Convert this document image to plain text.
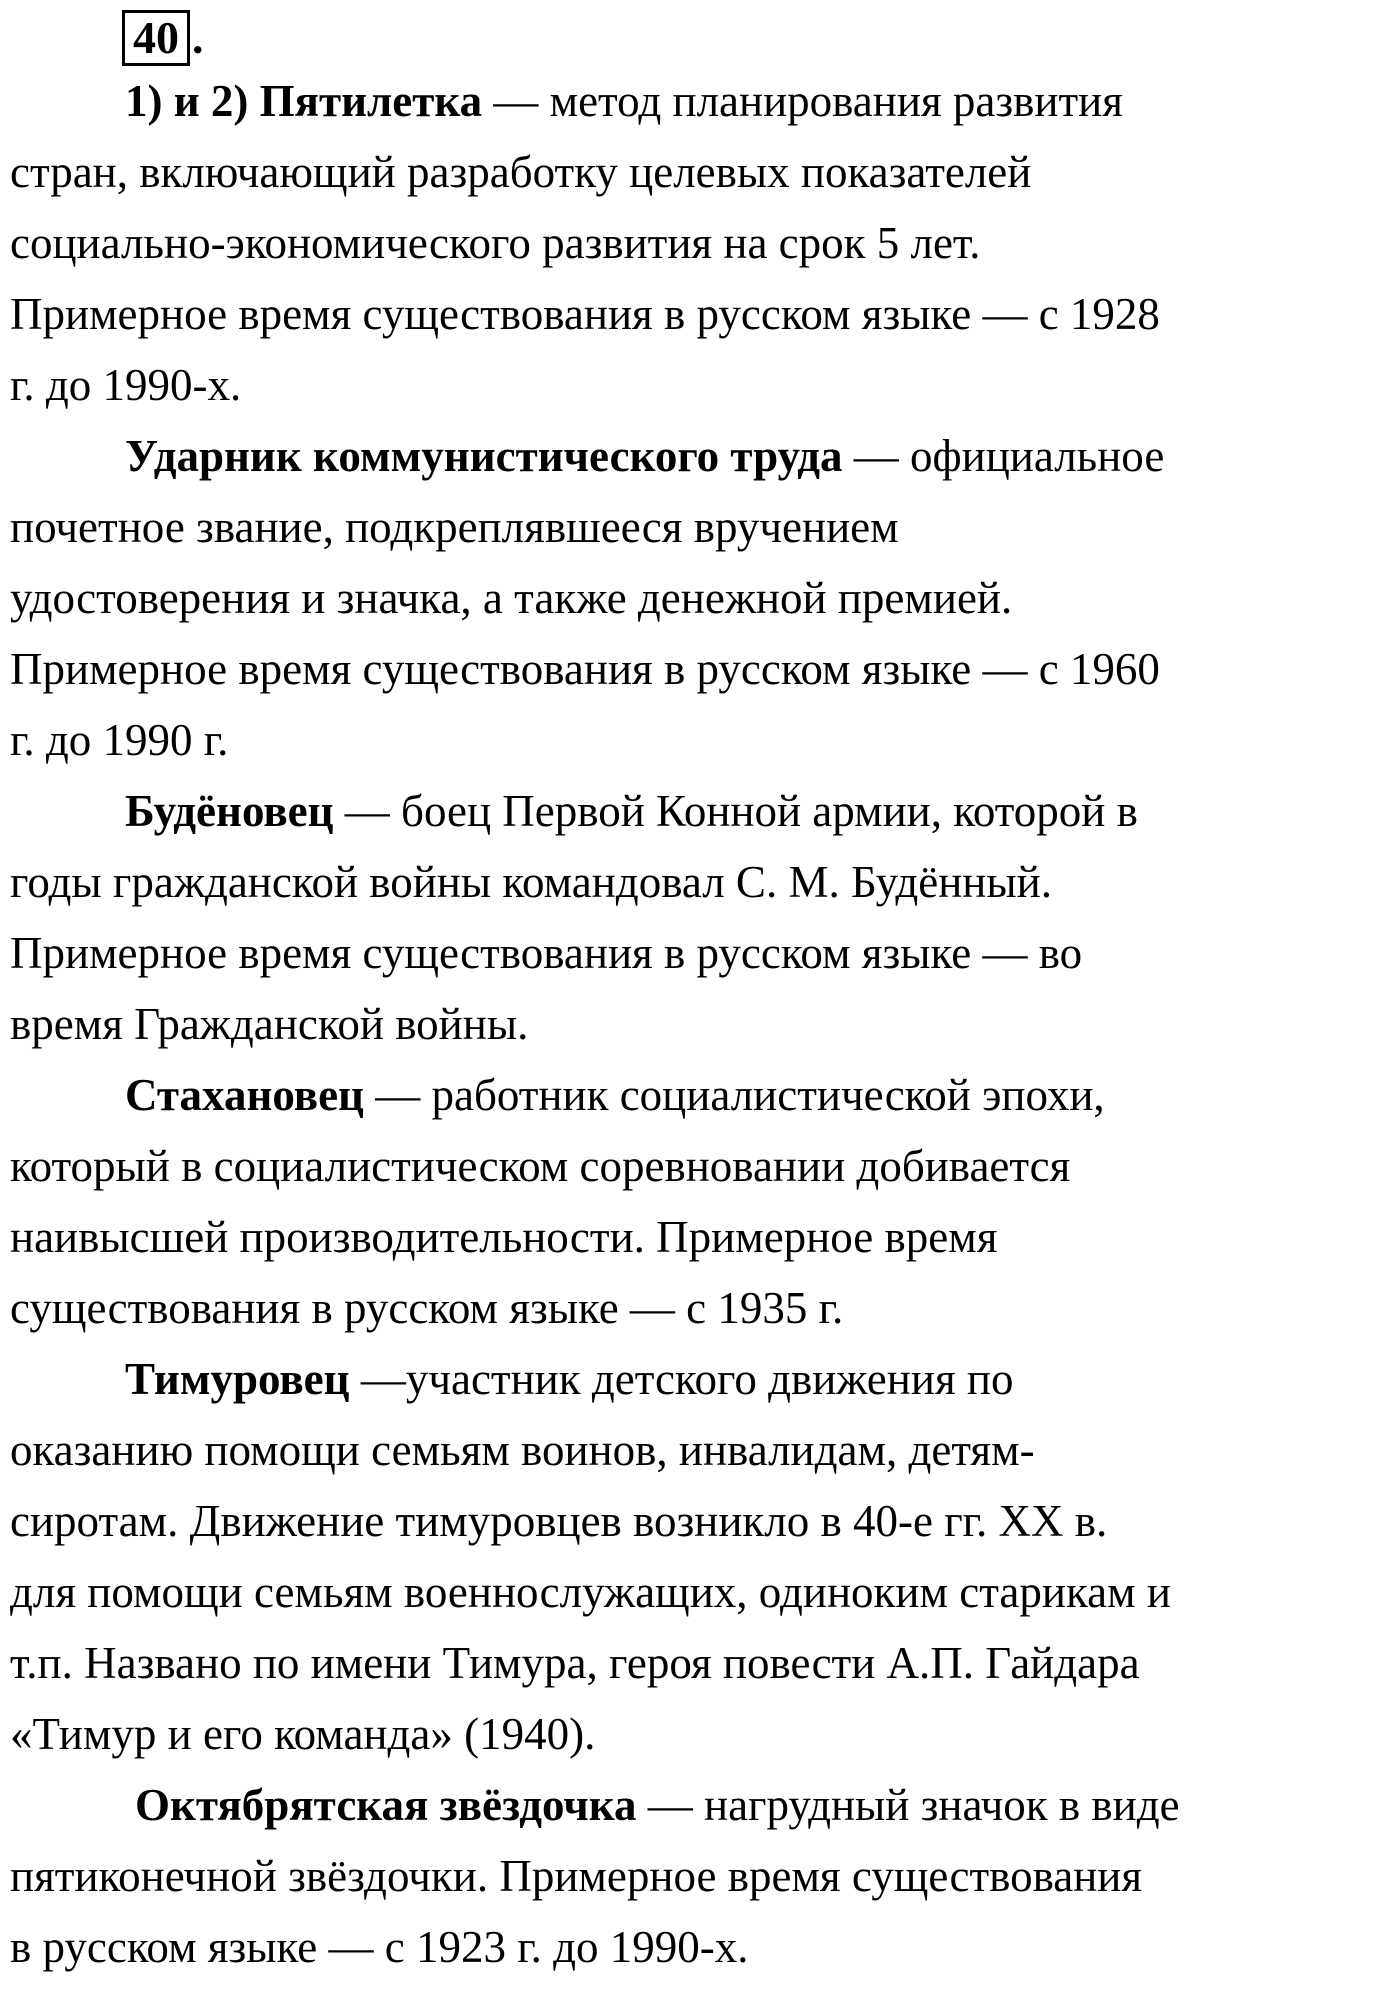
40 .
1) и 2) Пятилетка — метод планирования развития
стран, включающий разработку целевых показателей
социально-экономического развития на срок 5 лет.
Примерное время существования в русском языке — с 1928
г. до 1990-х.
Ударник коммунистического труда — официальное
почетное звание, подкреплявшееся вручением
удостоверения и значка, а также денежной премией.
Примерное время существования в русском языке — с 1960
г. до 1990 г.
Будёновец — боец Первой Конной армии, которой в
годы гражданской войны командовал С. М. Будённый.
Примерное время существования в русском языке — во
время Гражданской войны.
Стахановец — работник социалистической эпохи,
который в социалистическом соревновании добивается
наивысшей производительности. Примерное время
существования в русском языке — с 1935 г.
Тимуровец —участник детского движения по
оказанию помощи семьям воинов, инвалидам, детям-
сиротам. Движение тимуровцев возникло в 40-е гг. XX в.
для помощи семьям военнослужащих, одиноким старикам и
т.п. Названо по имени Тимура, героя повести А.П. Гайдара
«Тимур и его команда» (1940).
Октябрятская звёздочка — нагрудный значок в виде
пятиконечной звёздочки. Примерное время существования
в русском языке — с 1923 г. до 1990-х.
